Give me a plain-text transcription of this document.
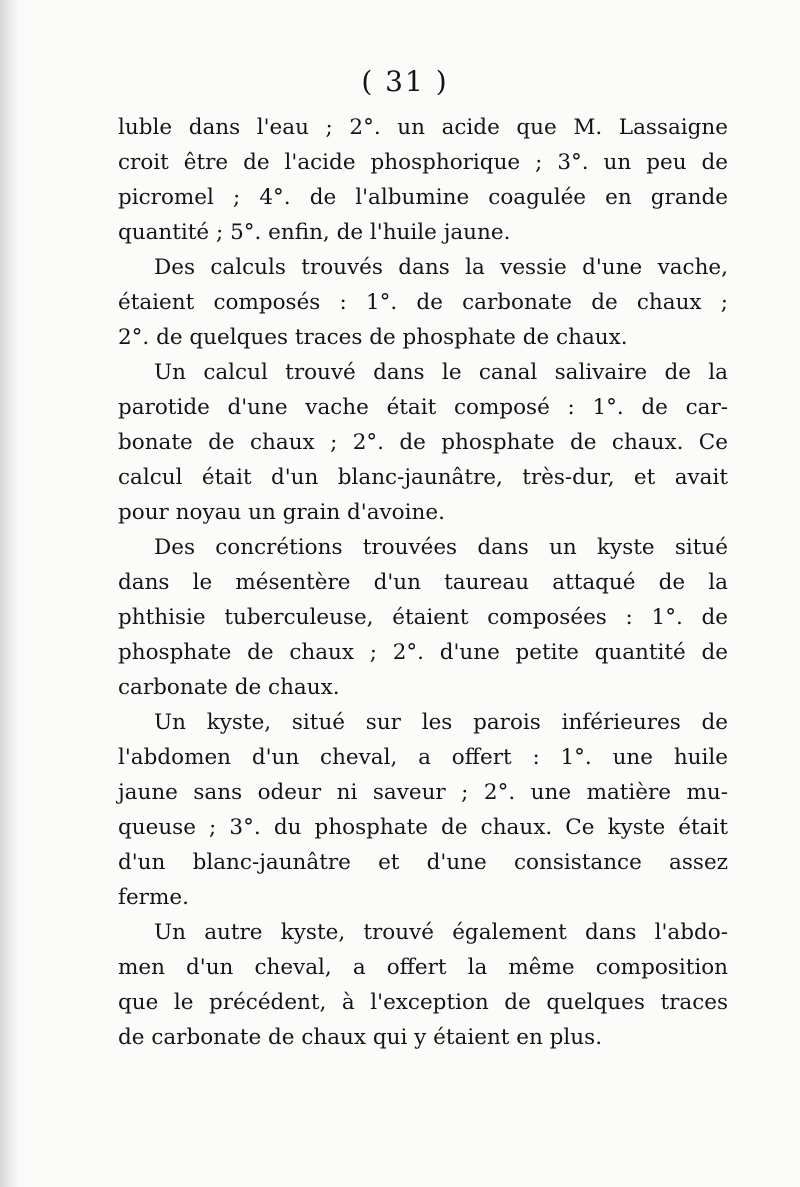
( 31 )
luble dans l'eau ; 2°. un acide que M. Lassaigne
croit être de l'acide phosphorique ; 3°. un peu de
picromel ; 4°. de l'albumine coagulée en grande
quantité ; 5°. enfin, de l'huile jaune.
Des calculs trouvés dans la vessie d'une vache,
étaient composés : 1°. de carbonate de chaux ;
2°. de quelques traces de phosphate de chaux.
Un calcul trouvé dans le canal salivaire de la
parotide d'une vache était composé : 1°. de car-
bonate de chaux ; 2°. de phosphate de chaux. Ce
calcul était d'un blanc-jaunâtre, très-dur, et avait
pour noyau un grain d'avoine.
Des concrétions trouvées dans un kyste situé
dans le mésentère d'un taureau attaqué de la
phthisie tuberculeuse, étaient composées : 1°. de
phosphate de chaux ; 2°. d'une petite quantité de
carbonate de chaux.
Un kyste, situé sur les parois inférieures de
l'abdomen d'un cheval, a offert : 1°. une huile
jaune sans odeur ni saveur ; 2°. une matière mu-
queuse ; 3°. du phosphate de chaux. Ce kyste était
d'un blanc-jaunâtre et d'une consistance assez
ferme.
Un autre kyste, trouvé également dans l'abdo-
men d'un cheval, a offert la même composition
que le précédent, à l'exception de quelques traces
de carbonate de chaux qui y étaient en plus.
